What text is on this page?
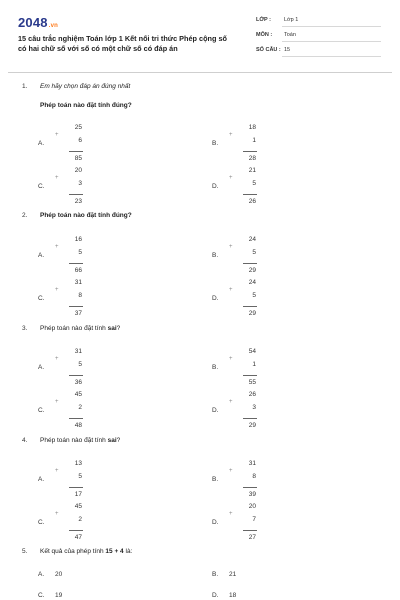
2048.vn
15 câu trắc nghiệm Toán lớp 1 Kết nối tri thức Phép cộng số có hai chữ số với số có một chữ số có đáp án
LỚP : Lớp 1
MÔN : Toán
SỐ CÂU : 15
1. Em hãy chọn đáp án đúng nhất
Phép toán nào đặt tính đúng?
A.
+
25
6
85
B.
+
18
1
28
C.
+
20
3
23
D.
+
21
5
26
2. Phép toán nào đặt tính đúng?
A.
+
16
5
66
B.
+
24
5
29
C.
+
31
8
37
D.
+
24
5
29
3. Phép toán nào đặt tính sai?
A.
+
31
5
36
B.
+
54
1
55
C.
+
45
2
48
D.
+
26
3
29
4. Phép toán nào đặt tính sai?
A.
+
13
5
17
B.
+
31
8
39
C.
+
45
2
47
D.
+
20
7
27
5. Kết quả của phép tính 15 + 4 là:
A. 20	B. 21
C. 19	D. 18
